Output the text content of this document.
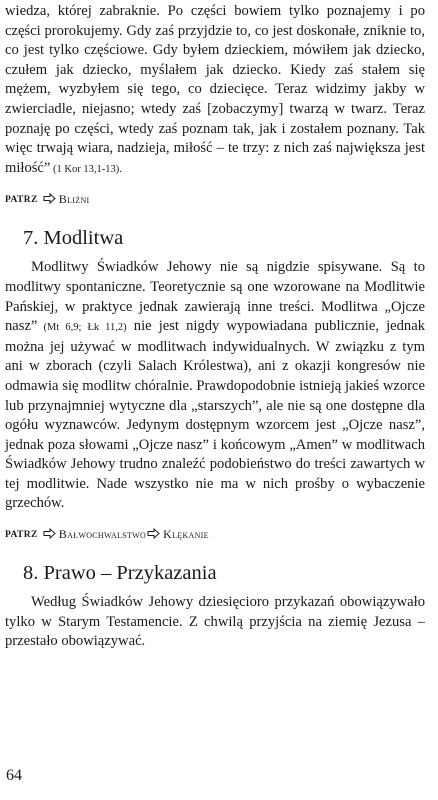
wiedza, której zabraknie. Po części bowiem tylko poznajemy i po części prorokujemy. Gdy zaś przyjdzie to, co jest doskonałe, zniknie to, co jest tylko częściowe. Gdy byłem dzieckiem, mówiłem jak dziecko, czułem jak dziecko, myślałem jak dziecko. Kiedy zaś stałem się mężem, wyzbyłem się tego, co dziecięce. Teraz widzimy jakby w zwierciadle, niejasno; wtedy zaś [zobaczymy] twarzą w twarz. Teraz poznaję po części, wtedy zaś poznam tak, jak i zostałem poznany. Tak więc trwają wiara, nadzieja, miłość – te trzy: z nich zaś największa jest miłość” (1 Kor 13,1-13).

PATRZ Bliźni
7. Modlitwa

Modlitwy Świadków Jehowy nie są nigdzie spisywane. Są to modlitwy spontaniczne. Teoretycznie są one wzorowane na Modlitwie Pańskiej, w praktyce jednak zawierają inne treści. Modlitwa „Ojcze nasz” (Mt 6,9; Łk 11,2) nie jest nigdy wypowiadana publicznie, jednak można jej używać w modlitwach indywidualnych. W związku z tym ani w zborach (czyli Salach Królestwa), ani z okazji kongresów nie odmawia się modlitw chóralnie. Prawdopodobnie istnieją jakieś wzorce lub przynajmniej wytyczne dla „starszych”, ale nie są one dostępne dla ogółu wyznawców. Jedynym dostępnym wzorcem jest „Ojcze nasz”, jednak poza słowami „Ojcze nasz” i końcowym „Amen” w modlitwach Świadków Jehowy trudno znaleźć podobieństwo do treści zawartych w tej modlitwie. Nade wszystko nie ma w nich prośby o wybaczenie grzechów.

PATRZ Bałwochwalstwo Klękanie
8. Prawo – Przykazania

Według Świadków Jehowy dziesięcioro przykazań obowiązywało tylko w Starym Testamencie. Z chwilą przyjścia na ziemię Jezusa – przestało obowiązywać.

64
